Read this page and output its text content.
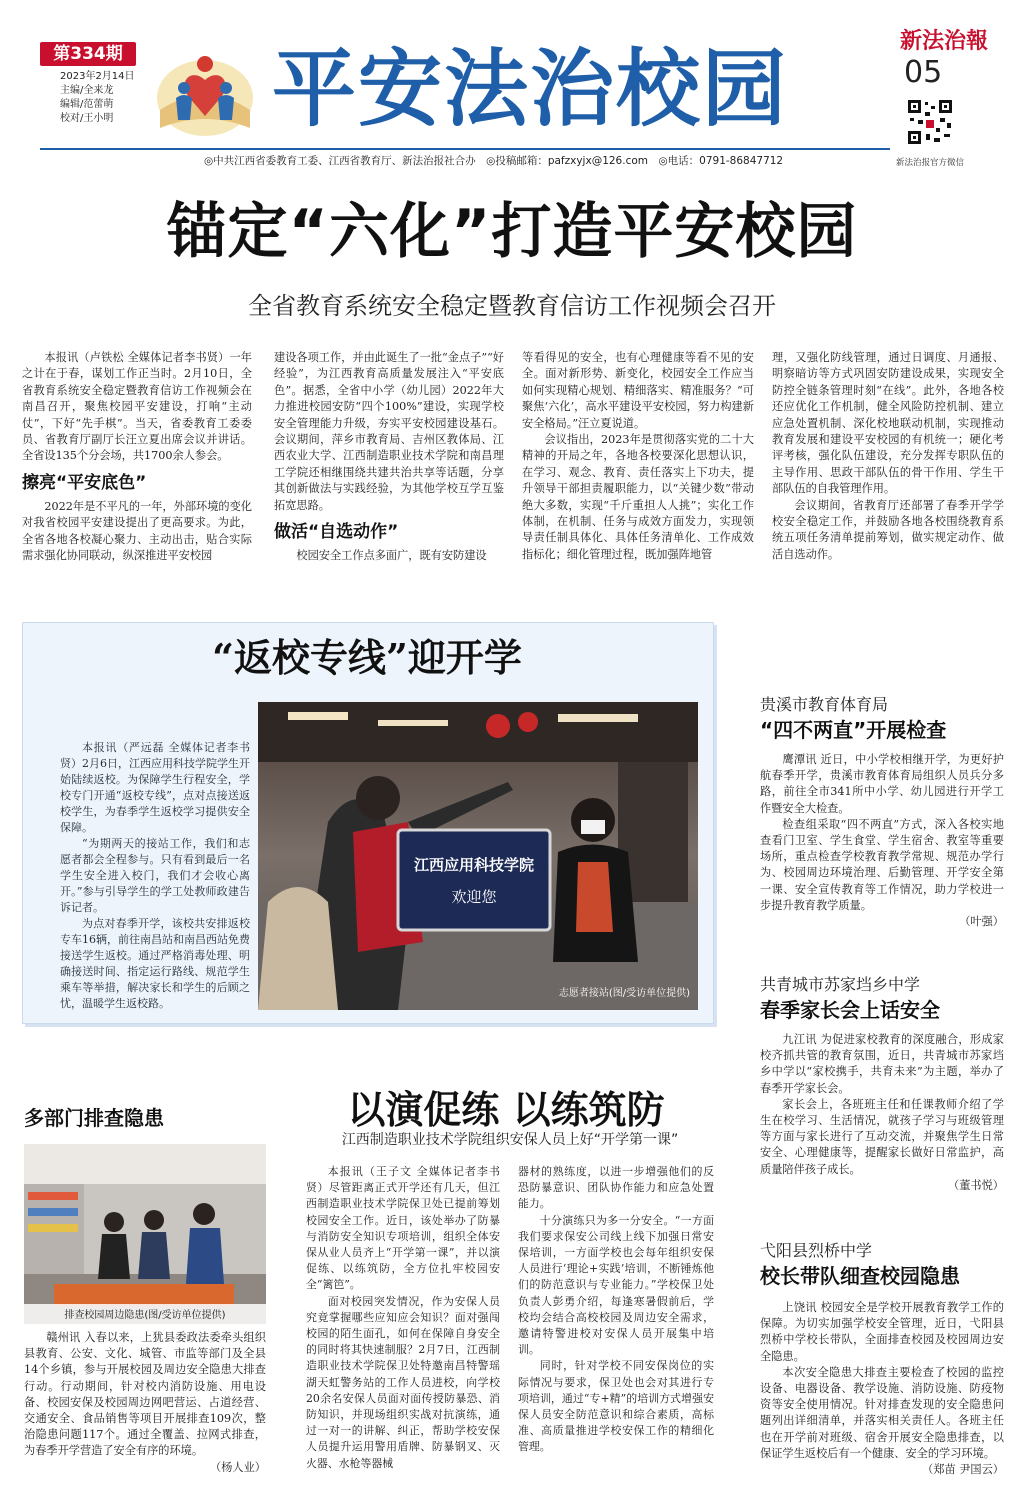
第334期
2023年2月14日
主编/全来龙
编辑/范蕾萌
校对/王小明	平安法治校园	新法治報
05
新法治报官方微信
◎中共江西省委教育工委、江西省教育厅、新法治报社合办　◎投稿邮箱：pafzxyjx@126.com　◎电话：0791-86847712
锚定“六化”打造平安校园
全省教育系统安全稳定暨教育信访工作视频会召开

本报讯（卢铁松 全媒体记者李书贤）一年之计在于春，谋划工作正当时。2月10日，全省教育系统安全稳定暨教育信访工作视频会在南昌召开，聚焦校园平安建设，打响“主动仗”，下好“先手棋”。当天，省委教育工委委员、省教育厅副厅长汪立夏出席会议并讲话。全省设135个分会场，共1700余人参会。

擦亮“平安底色”

2022年是不平凡的一年，外部环境的变化对我省校园平安建设提出了更高要求。为此，全省各地各校凝心聚力、主动出击，贴合实际需求强化协同联动，纵深推进平安校园

建设各项工作，并由此诞生了一批“金点子”“好经验”，为江西教育高质量发展注入“平安底色”。据悉，全省中小学（幼儿园）2022年大力推进校园安防“四个100%”建设，实现学校安全管理能力升级，夯实平安校园建设基石。会议期间，萍乡市教育局、吉州区教体局、江西农业大学、江西制造职业技术学院和南昌理工学院还相继围绕共建共治共享等话题，分享其创新做法与实践经验，为其他学校互学互鉴拓宽思路。

做活“自选动作”

校园安全工作点多面广，既有安防建设

等看得见的安全，也有心理健康等看不见的安全。面对新形势、新变化，校园安全工作应当如何实现精心规划、精细落实、精准服务？“可聚焦‘六化’，高水平建设平安校园，努力构建新安全格局。”汪立夏说道。

会议指出，2023年是贯彻落实党的二十大精神的开局之年，各地各校要深化思想认识，在学习、观念、教育、责任落实上下功夫，提升领导干部担责履职能力，以“关键少数”带动绝大多数，实现“千斤重担人人挑”；实化工作体制，在机制、任务与成效方面发力，实现领导责任制具体化、具体任务清单化、工作成效指标化；细化管理过程，既加强阵地管

理，又强化防线管理，通过日调度、月通报、明察暗访等方式巩固安防建设成果，实现安全防控全链条管理时刻“在线”。此外，各地各校还应优化工作机制，健全风险防控机制、建立应急处置机制、深化校地联动机制，实现推动教育发展和建设平安校园的有机统一；硬化考评考核，强化队伍建设，充分发挥专职队伍的主导作用、思政干部队伍的骨干作用、学生干部队伍的自我管理作用。

会议期间，省教育厅还部署了春季开学学校安全稳定工作，并鼓励各地各校围绕教育系统五项任务清单提前筹划，做实规定动作、做活自选动作。

“返校专线”迎开学

本报讯（严远磊 全媒体记者李书贤）2月6日，江西应用科技学院学生开始陆续返校。为保障学生行程安全，学校专门开通“返校专线”，点对点接送返校学生，为春季学生返校学习提供安全保障。

“为期两天的接站工作，我们和志愿者都会全程参与。只有看到最后一名学生安全进入校门，我们才会收心离开。”参与引导学生的学工处教师政建告诉记者。

为点对春季开学，该校共安排返校专车16辆，前往南昌站和南昌西站免费接送学生返校。通过严格消毒处理、明确接送时间、指定运行路线、规范学生乘车等举措，解决家长和学生的后顾之忧，温暖学生返校路。

江西应用科技学院
欢迎您
志愿者接站(图/受访单位提供)
贵溪市教育体育局
“四不两直”开展检查

鹰潭讯 近日，中小学校相继开学，为更好护航春季开学，贵溪市教育体育局组织人员兵分多路，前往全市341所中小学、幼儿园进行开学工作暨安全大检查。

检查组采取“四不两直”方式，深入各校实地查看门卫室、学生食堂、学生宿舍、教室等重要场所，重点检查学校教育教学常规、规范办学行为、校园周边环境治理、后勤管理、开学安全第一课、安全宣传教育等工作情况，助力学校进一步提升教育教学质量。

（叶强）

共青城市苏家垱乡中学
春季家长会上话安全

九江讯 为促进家校教育的深度融合，形成家校齐抓共管的教育氛围，近日，共青城市苏家垱乡中学以“家校携手，共育未来”为主题，举办了春季开学家长会。

家长会上，各班班主任和任课教师介绍了学生在校学习、生活情况，就孩子学习与班级管理等方面与家长进行了互动交流，并聚焦学生日常安全、心理健康等，提醒家长做好日常监护，高质量陪伴孩子成长。

（董书悦）

弋阳县烈桥中学
校长带队细查校园隐患

上饶讯 校园安全是学校开展教育教学工作的保障。为切实加强学校安全管理，近日，弋阳县烈桥中学校长带队，全面排查校园及校园周边安全隐患。

本次安全隐患大排查主要检查了校园的监控设备、电器设备、教学设施、消防设施、防疫物资等安全使用情况。针对排查发现的安全隐患问题列出详细清单，并落实相关责任人。各班主任也在开学前对班级、宿舍开展安全隐患排查，以保证学生返校后有一个健康、安全的学习环境。

（郑苗 尹国云）

多部门排查隐患
排查校园周边隐患(图/受访单位提供)

赣州讯 入春以来，上犹县委政法委牵头组织县教育、公安、文化、城管、市监等部门及全县14个乡镇，参与开展校园及周边安全隐患大排查行动。行动期间，针对校内消防设施、用电设备、校园安保及校园周边网吧营运、占道经营、交通安全、食品销售等项目开展排查109次，整治隐患问题117个。通过全覆盖、拉网式排查，为春季开学营造了安全有序的环境。

（杨人业）

以演促练 以练筑防
江西制造职业技术学院组织安保人员上好“开学第一课”

本报讯（王子文 全媒体记者李书贤）尽管距离正式开学还有几天，但江西制造职业技术学院保卫处已提前筹划校园安全工作。近日，该处举办了防暴与消防安全知识专项培训，组织全体安保从业人员齐上“开学第一课”，并以演促练、以练筑防，全方位扎牢校园安全“篱笆”。

面对校园突发情况，作为安保人员究竟掌握哪些应知应会知识？面对强闯校园的陌生面孔，如何在保障自身安全的同时将其快速制服？2月7日，江西制造职业技术学院保卫处特邀南昌特警瑶湖天虹警务站的工作人员进校，向学校20余名安保人员面对面传授防暴恐、消防知识，并现场组织实战对抗演练，通过一对一的讲解、纠正，帮助学校安保人员提升运用警用盾牌、防暴钢叉、灭火器、水枪等器械

器材的熟练度，以进一步增强他们的反恐防暴意识、团队协作能力和应急处置能力。

十分演练只为多一分安全。“一方面我们要求保安公司线上线下加强日常安保培训，一方面学校也会每年组织安保人员进行‘理论+实践’培训，不断锤炼他们的防范意识与专业能力。”学校保卫处负责人彭勇介绍，每逢寒暑假前后，学校均会结合高校校园及周边安全需求，邀请特警进校对安保人员开展集中培训。

同时，针对学校不同安保岗位的实际情况与要求，保卫处也会对其进行专项培训，通过“专+精”的培训方式增强安保人员安全防范意识和综合素质，高标准、高质量推进学校安保工作的精细化管理。
